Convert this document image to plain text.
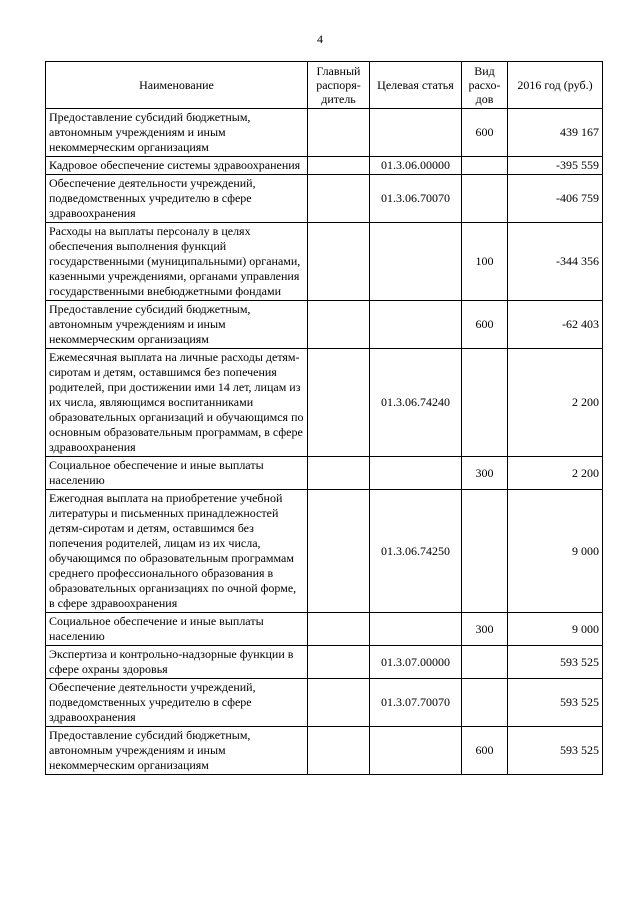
4
Наименование	Главный распоря-дитель	Целевая статья	Вид расхо-дов	2016 год (руб.)
Предоставление субсидий бюджетным, автономным учреждениям и иным некоммерческим организациям			600	439 167
Кадровое обеспечение системы здравоохранения		01.3.06.00000		-395 559
Обеспечение деятельности учреждений, подведомственных учредителю в сфере здравоохранения		01.3.06.70070		-406 759
Расходы на выплаты персоналу в целях обеспечения выполнения функций государственными (муниципальными) органами, казенными учреждениями, органами управления государственными внебюджетными фондами			100	-344 356
Предоставление субсидий бюджетным, автономным учреждениям и иным некоммерческим организациям			600	-62 403
Ежемесячная выплата на личные расходы детям-сиротам и детям, оставшимся без попечения родителей, при достижении ими 14 лет, лицам из их числа, являющимся воспитанниками образовательных организаций и обучающимся по основным образовательным программам, в сфере здравоохранения		01.3.06.74240		2 200
Социальное обеспечение и иные выплаты населению			300	2 200
Ежегодная выплата на приобретение учебной литературы и письменных принадлежностей детям-сиротам и детям, оставшимся без попечения родителей, лицам из их числа, обучающимся по образовательным программам среднего профессионального образования в образовательных организациях по очной форме, в сфере здравоохранения		01.3.06.74250		9 000
Социальное обеспечение и иные выплаты населению			300	9 000
Экспертиза и контрольно-надзорные функции в сфере охраны здоровья		01.3.07.00000		593 525
Обеспечение деятельности учреждений, подведомственных учредителю в сфере здравоохранения		01.3.07.70070		593 525
Предоставление субсидий бюджетным, автономным учреждениям и иным некоммерческим организациям			600	593 525
